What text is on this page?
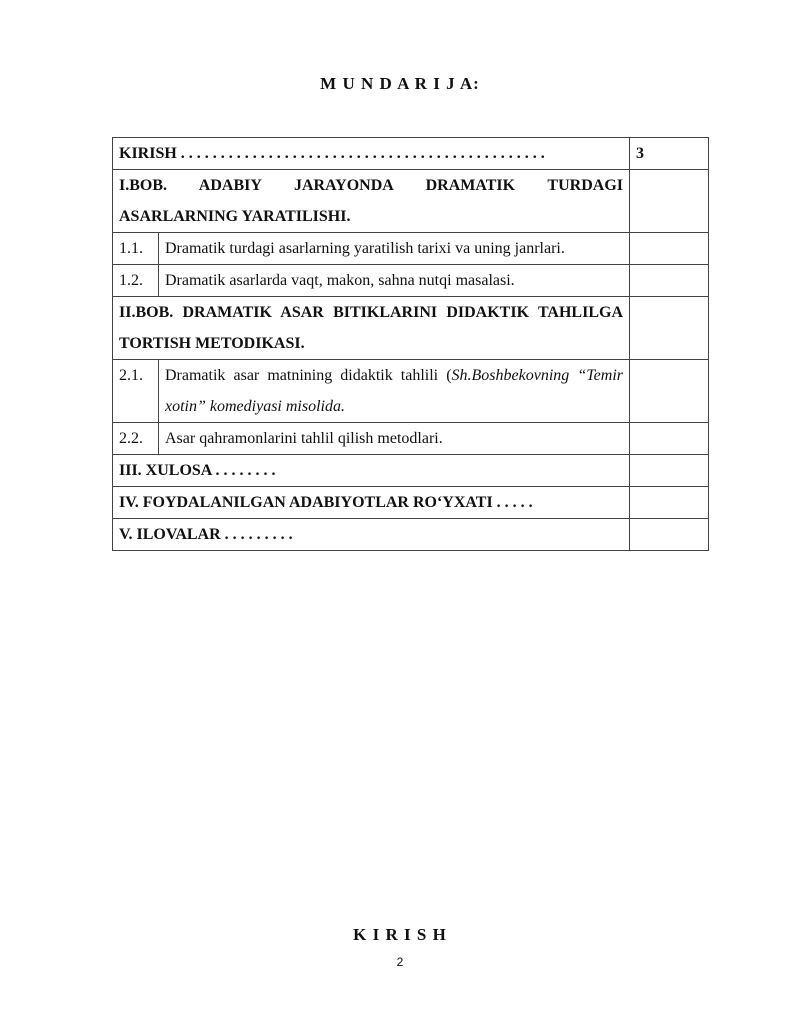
M U N D A R I J A:
KIRISH . . . . . . . . . . . . . . . . . . . . . . . . . . . . . . . . . . . . . . . . . . . . . .		3
I.BOB. ADABIY JARAYONDA DRAMATIK TURDAGI ASARLARNING YARATILISHI.		
1.1.	Dramatik turdagi asarlarning yaratilish tarixi va uning janrlari.	
1.2.	Dramatik asarlarda vaqt, makon, sahna nutqi masalasi.	
II.BOB. DRAMATIK ASAR BITIKLARINI DIDAKTIK TAHLILGA TORTISH METODIKASI.		
2.1.	Dramatik asar matnining didaktik tahlili (Sh.Boshbekovning “Temir xotin” komediyasi misolida.	
2.2.	Asar qahramonlarini tahlil qilish metodlari.	
III. XULOSA . . . . . . . .		
IV. FOYDALANILGAN ADABIYOTLAR RO‘YXATI . . . . .		
V. ILOVALAR . . . . . . . . .		
K I R I S H
2
